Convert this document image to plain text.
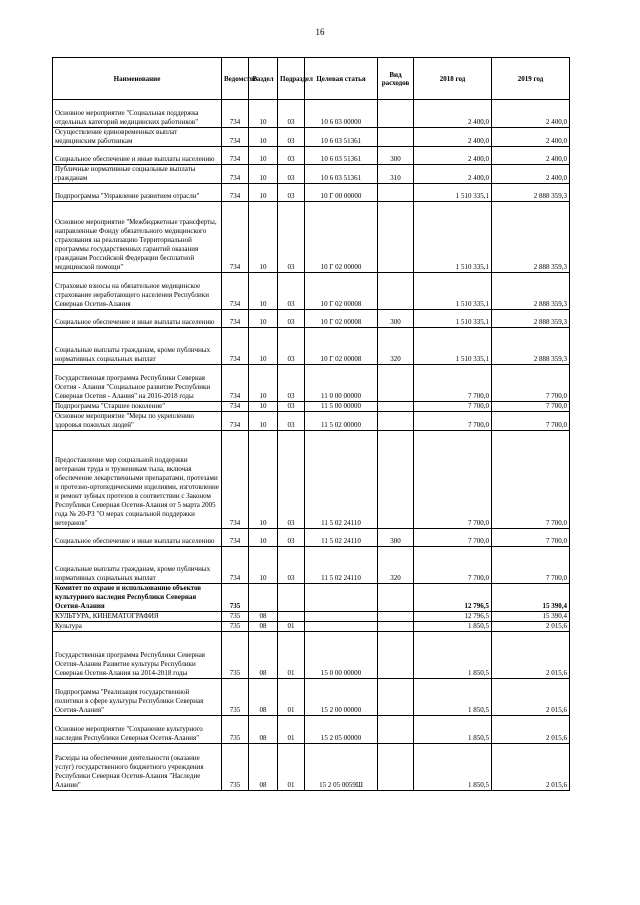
16
Наименование	Ведомство	Раздел	Подраздел	Целевая статья	Вид расходов	2018 год	2019 год
Основное мероприятие "Социальная поддержка отдельных категорий медицинских работников"	734	10	03	10 6 03 00000		2 400,0	2 400,0
Осуществление единовременных выплат медицинским работникам	734	10	03	10 6 03 51361		2 400,0	2 400,0
Социальное обеспечение и иные выплаты населению	734	10	03	10 6 03 51361	300	2 400,0	2 400,0
Публичные нормативные социальные выплаты гражданам	734	10	03	10 6 03 51361	310	2 400,0	2 400,0
Подпрограмма "Управление развитием отрасли"	734	10	03	10 Г 00 00000		1 510 335,1	2 888 359,3
Основное мероприятие "Межбюджетные трансферты, направленные Фонду обязательного медицинского страхования на реализацию Территориальной программы государственных гарантий оказания гражданам Российской Федерации бесплатной медицинской помощи"	734	10	03	10 Г 02 00000		1 510 335,1	2 888 359,3
Страховые взносы на обязательное медицинское страхование неработающего населения Республики Северная Осетия-Алания	734	10	03	10 Г 02 00008		1 510 335,1	2 888 359,3
Социальное обеспечение и иные выплаты населению	734	10	03	10 Г 02 00008	300	1 510 335,1	2 888 359,3
Социальные выплаты гражданам, кроме публичных нормативных социальных выплат	734	10	03	10 Г 02 00008	320	1 510 335,1	2 888 359,3
Государственная программа Республики Северная Осетия - Алания "Социальное развитие Республики Северная Осетия - Алания" на 2016-2018 годы	734	10	03	11 0 00 00000		7 700,0	7 700,0
Подпрограмма "Старшее поколение"	734	10	03	11 5 00 00000		7 700,0	7 700,0
Основное мероприятие "Меры по укреплению здоровья пожилых людей"	734	10	03	11 5 02 00000		7 700,0	7 700,0
Предоставление мер социальной поддержки ветеранам труда и труженикам тыла, включая обеспечение лекарственными препаратами, протезами и протезно-ортопедическими изделиями, изготовление и ремонт зубных протезов в соответствии с Законом Республики Северная Осетия-Алания от 5 марта 2005 года № 20-РЗ "О мерах социальной поддержки ветеранов"	734	10	03	11 5 02 24110		7 700,0	7 700,0
Социальное обеспечение и иные выплаты населению	734	10	03	11 5 02 24110	300	7 700,0	7 700,0
Социальные выплаты гражданам, кроме публичных нормативных социальных выплат	734	10	03	11 5 02 24110	320	7 700,0	7 700,0
Комитет по охране и использованию объектов культурного наследия Республики Северная Осетия-Алания	735					12 796,5	15 390,4
КУЛЬТУРА, КИНЕМАТОГРАФИЯ	735	08				12 796,5	15 390,4
Культура	735	08	01			1 850,5	2 015,6
Государственная программа Республики Северная Осетия-Алания Развитие культуры Республики Северная Осетия-Алания на 2014-2018 годы	735	08	01	15 0 00 00000		1 850,5	2 015,6
Подпрограмма "Реализация государственной политики в сфере культуры Республики Северная Осетия-Алания"	735	08	01	15 2 00 00000		1 850,5	2 015,6
Основное мероприятие "Сохранение культурного наследия Республики Северная Осетия-Алания"	735	08	01	15 2 05 00000		1 850,5	2 015,6
Расходы на обеспечение деятельности (оказание услуг) государственного бюджетного учреждения Республики Северная Осетия-Алания "Наследие Алании"	735	08	01	15 2 05 0059Ш		1 850,5	2 015,6
